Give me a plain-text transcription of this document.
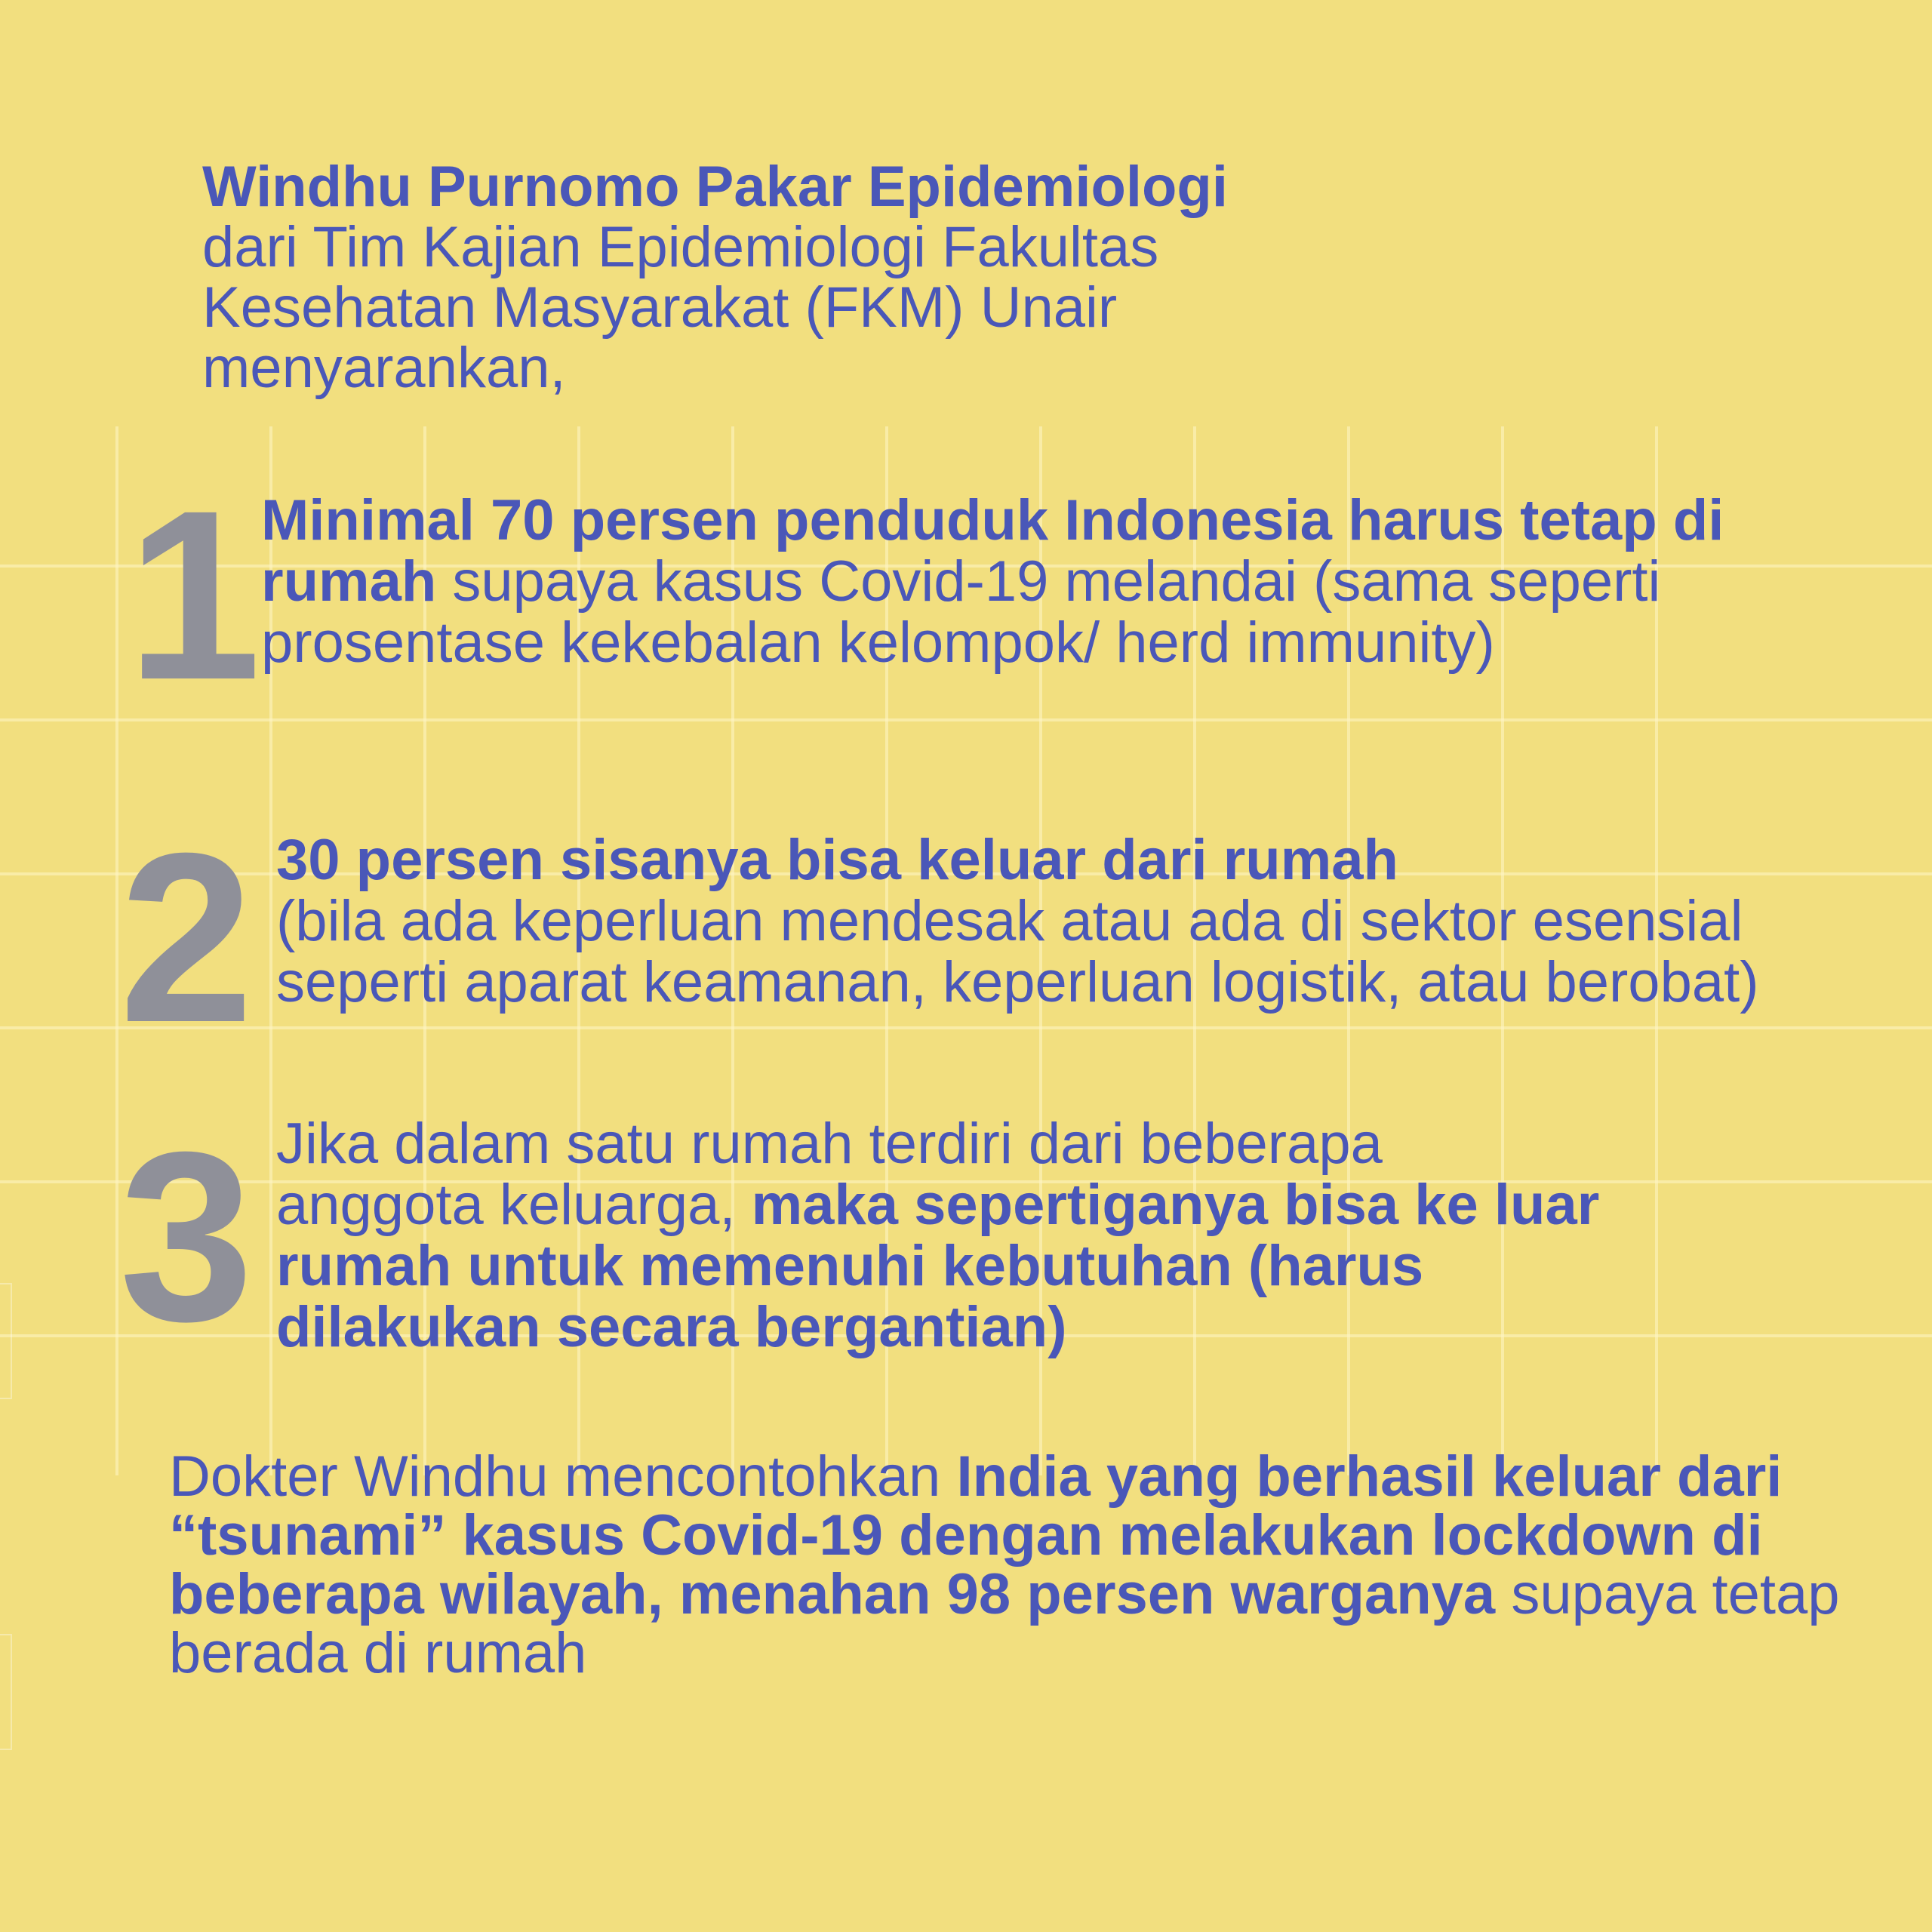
Windhu Purnomo Pakar Epidemiologi
dari Tim Kajian Epidemiologi Fakultas
Kesehatan Masyarakat (FKM) Unair
menyarankan,
1 Minimal 70 persen penduduk Indonesia harus tetap di rumah supaya kasus Covid-19 melandai (sama seperti prosentase kekebalan kelompok/ herd immunity)
2 30 persen sisanya bisa keluar dari rumah
(bila ada keperluan mendesak atau ada di sektor esensial seperti aparat keamanan, keperluan logistik, atau berobat)
3 Jika dalam satu rumah terdiri dari beberapa anggota keluarga, maka sepertiganya bisa ke luar rumah untuk memenuhi kebutuhan (harus dilakukan secara bergantian)
Dokter Windhu mencontohkan India yang berhasil keluar dari “tsunami” kasus Covid-19 dengan melakukan lockdown di beberapa wilayah, menahan 98 persen warganya supaya tetap berada di rumah
